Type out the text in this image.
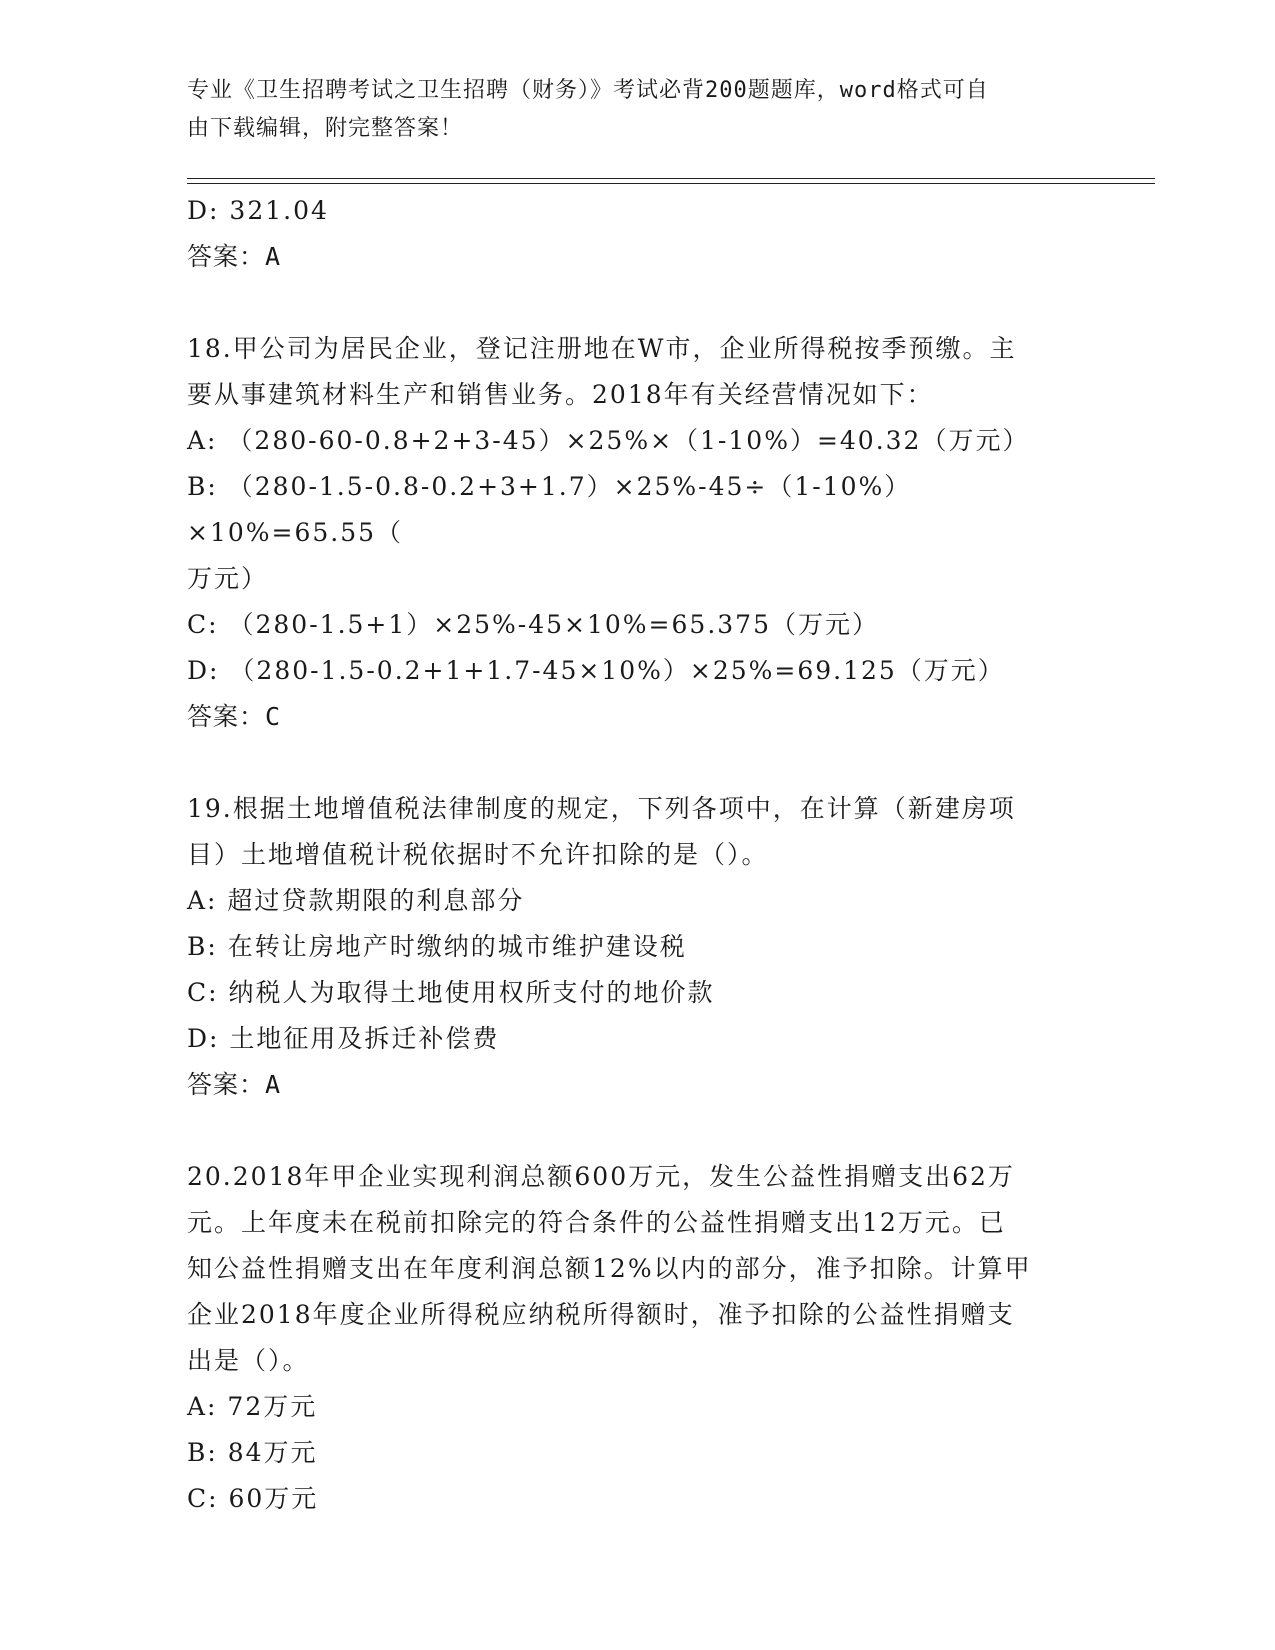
专业《卫生招聘考试之卫生招聘（财务）》考试必背200题题库，word格式可自
由下载编辑，附完整答案！

D: 321.04

答案：A

18.甲公司为居民企业，登记注册地在W市，企业所得税按季预缴。主

要从事建筑材料生产和销售业务。2018年有关经营情况如下：

A: （280-60-0.8+2+3-45）×25%×（1-10%）=40.32（万元）

B: （280-1.5-0.8-0.2+3+1.7）×25%-45÷（1-10%）×10%=65.55（

万元）

C: （280-1.5+1）×25%-45×10%=65.375（万元）

D: （280-1.5-0.2+1+1.7-45×10%）×25%=69.125（万元）

答案：C

19.根据土地增值税法律制度的规定，下列各项中，在计算（新建房项

目）土地增值税计税依据时不允许扣除的是（）。

A: 超过贷款期限的利息部分

B: 在转让房地产时缴纳的城市维护建设税

C: 纳税人为取得土地使用权所支付的地价款

D: 土地征用及拆迁补偿费

答案：A

20.2018年甲企业实现利润总额600万元，发生公益性捐赠支出62万

元。上年度未在税前扣除完的符合条件的公益性捐赠支出12万元。已

知公益性捐赠支出在年度利润总额12%以内的部分，准予扣除。计算甲

企业2018年度企业所得税应纳税所得额时，准予扣除的公益性捐赠支

出是（）。

A: 72万元

B: 84万元

C: 60万元
